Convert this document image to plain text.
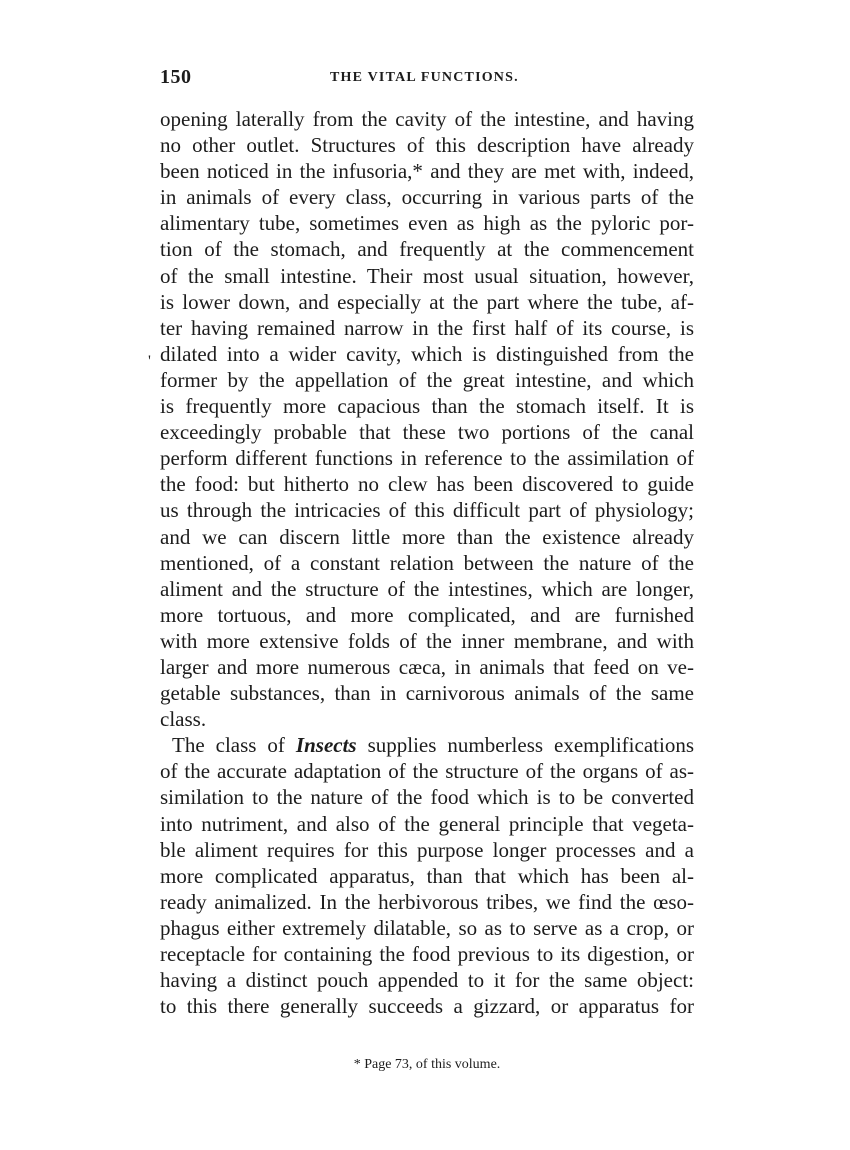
150	THE VITAL FUNCTIONS.
'
opening laterally from the cavity of the intestine, and having
no other outlet. Structures of this description have already
been noticed in the infusoria,* and they are met with, indeed,
in animals of every class, occurring in various parts of the
alimentary tube, sometimes even as high as the pyloric por-
tion of the stomach, and frequently at the commencement
of the small intestine. Their most usual situation, however,
is lower down, and especially at the part where the tube, af-
ter having remained narrow in the first half of its course, is
dilated into a wider cavity, which is distinguished from the
former by the appellation of the great intestine, and which
is frequently more capacious than the stomach itself. It is
exceedingly probable that these two portions of the canal
perform different functions in reference to the assimilation of
the food: but hitherto no clew has been discovered to guide
us through the intricacies of this difficult part of physiology;
and we can discern little more than the existence already
mentioned, of a constant relation between the nature of the
aliment and the structure of the intestines, which are longer,
more tortuous, and more complicated, and are furnished
with more extensive folds of the inner membrane, and with
larger and more numerous cæca, in animals that feed on ve-
getable substances, than in carnivorous animals of the same
class.
The class of Insects supplies numberless exemplifications
of the accurate adaptation of the structure of the organs of as-
similation to the nature of the food which is to be converted
into nutriment, and also of the general principle that vegeta-
ble aliment requires for this purpose longer processes and a
more complicated apparatus, than that which has been al-
ready animalized. In the herbivorous tribes, we find the œso-
phagus either extremely dilatable, so as to serve as a crop, or
receptacle for containing the food previous to its digestion, or
having a distinct pouch appended to it for the same object:
to this there generally succeeds a gizzard, or apparatus for
* Page 73, of this volume.
